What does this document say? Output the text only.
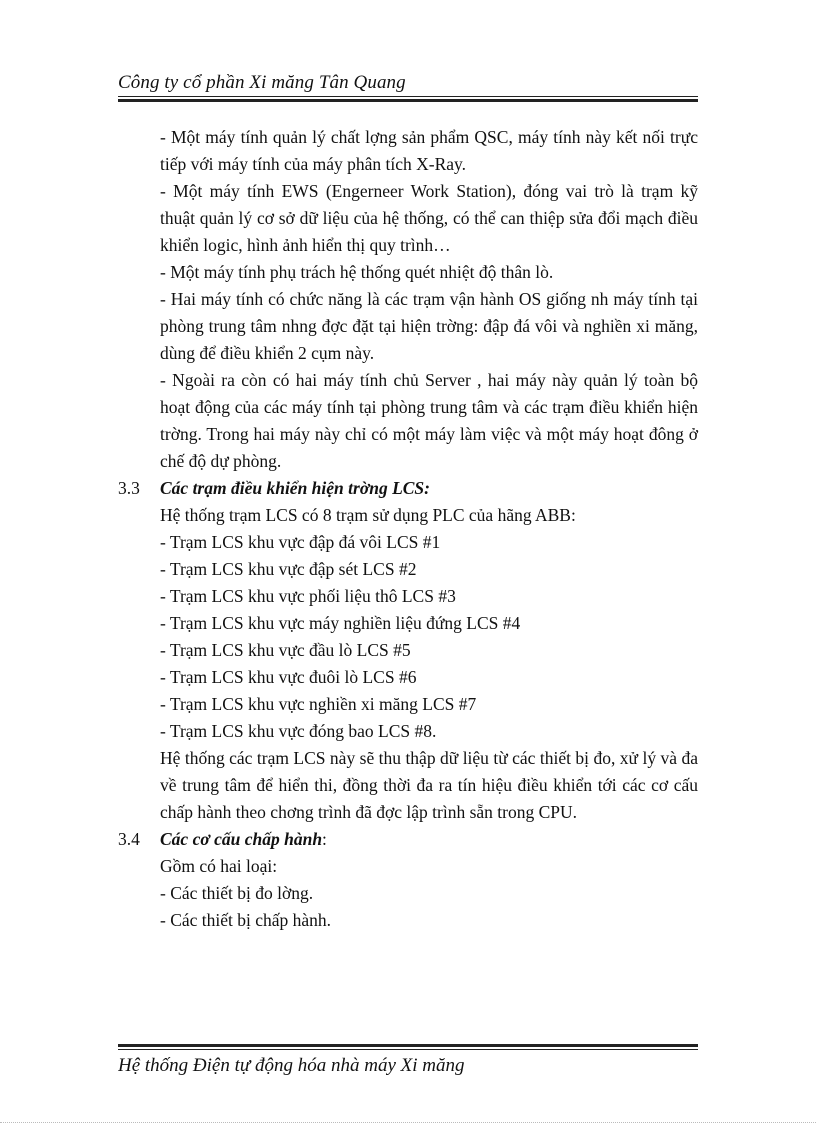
Công ty cổ phần Xi măng Tân Quang
- Một máy tính quản lý chất lợng sản phẩm QSC, máy tính này kết nối trực tiếp với máy tính của máy phân tích X-Ray.
- Một máy tính EWS (Engerneer Work Station), đóng vai trò là trạm kỹ thuật quản lý cơ sở dữ liệu của hệ thống, có thể can thiệp sửa đổi mạch điều khiển logic, hình ảnh hiển thị quy trình…
- Một máy tính phụ trách hệ thống quét nhiệt độ thân lò.
- Hai máy tính có chức năng là các trạm vận hành OS giống nh máy tính tại phòng trung tâm nhng đợc đặt tại hiện trờng: đập đá vôi và nghiền xi măng, dùng để điều khiển 2 cụm này.
- Ngoài ra còn có hai máy tính chủ Server , hai máy này quản lý toàn bộ hoạt động của các máy tính tại phòng trung tâm và các trạm điều khiển hiện trờng. Trong hai máy này chỉ có một máy làm việc và một máy hoạt đông ở chế độ dự phòng.
3.3	Các trạm điều khiển hiện trờng LCS:
Hệ thống trạm LCS có 8 trạm sử dụng PLC của hãng ABB:
- Trạm LCS khu vực đập đá vôi LCS #1
- Trạm LCS khu vực đập sét LCS #2
- Trạm LCS khu vực phối liệu thô LCS #3
- Trạm LCS khu vực máy nghiền liệu đứng LCS #4
- Trạm LCS khu vực đầu lò LCS #5
- Trạm LCS khu vực đuôi lò LCS #6
- Trạm LCS khu vực nghiền xi măng LCS #7
- Trạm LCS khu vực đóng bao LCS #8.
Hệ thống các trạm LCS này sẽ thu thập dữ liệu từ các thiết bị đo, xử lý và đa về trung tâm để hiển thi, đồng thời đa ra tín hiệu điều khiển tới các cơ cấu chấp hành theo chơng trình đã đợc lập trình sẵn trong CPU.
3.4	Các cơ cấu chấp hành :
Gồm có hai loại:
- Các thiết bị đo lờng.
- Các thiết bị chấp hành.
Hệ thống Điện tự động hóa nhà máy Xi măng
